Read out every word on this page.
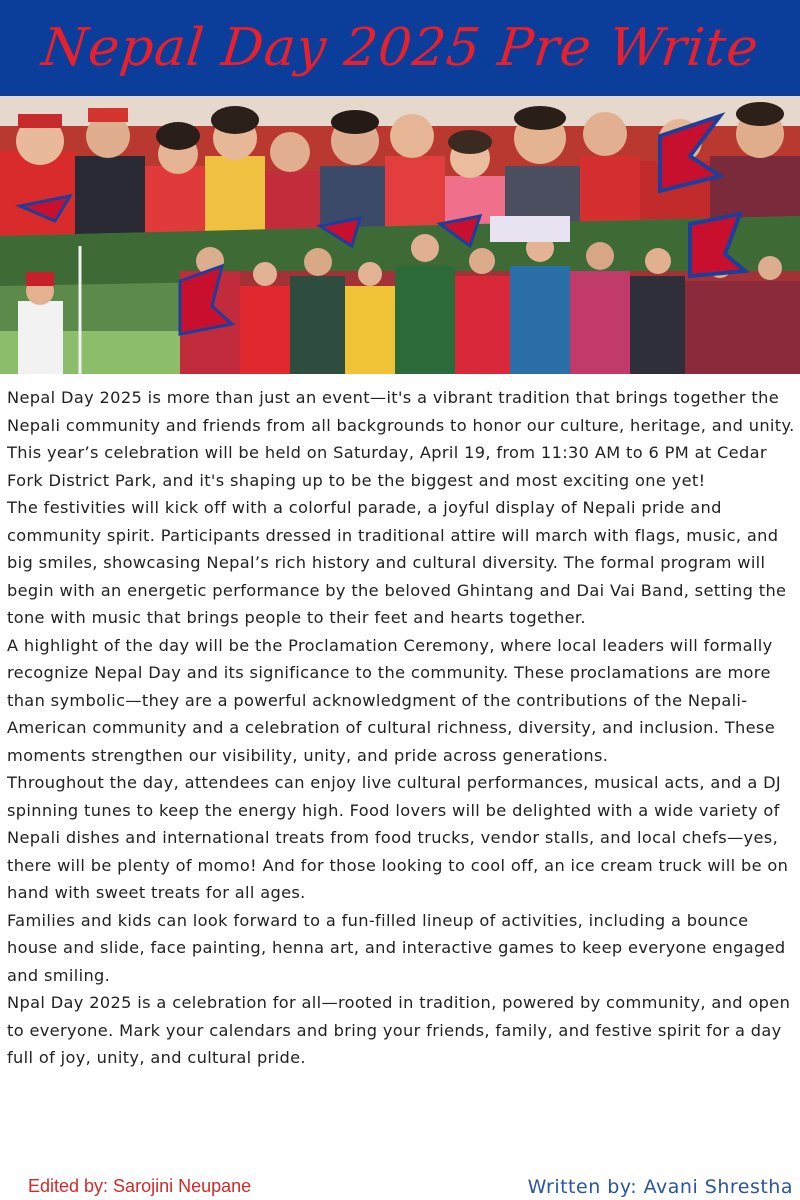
Nepal Day 2025 Pre Write

Nepal Day 2025 is more than just an event—it's a vibrant tradition that brings together the Nepali community and friends from all backgrounds to honor our culture, heritage, and unity. This year’s celebration will be held on Saturday, April 19, from 11:30 AM to 6 PM at Cedar Fork District Park, and it's shaping up to be the biggest and most exciting one yet!

The festivities will kick off with a colorful parade, a joyful display of Nepali pride and community spirit. Participants dressed in traditional attire will march with flags, music, and big smiles, showcasing Nepal’s rich history and cultural diversity. The formal program will begin with an energetic performance by the beloved Ghintang and Dai Vai Band, setting the tone with music that brings people to their feet and hearts together.

A highlight of the day will be the Proclamation Ceremony, where local leaders will formally recognize Nepal Day and its significance to the community. These proclamations are more than symbolic—they are a powerful acknowledgment of the contributions of the Nepali-American community and a celebration of cultural richness, diversity, and inclusion. These moments strengthen our visibility, unity, and pride across generations.

Throughout the day, attendees can enjoy live cultural performances, musical acts, and a DJ spinning tunes to keep the energy high. Food lovers will be delighted with a wide variety of Nepali dishes and international treats from food trucks, vendor stalls, and local chefs—yes, there will be plenty of momo! And for those looking to cool off, an ice cream truck will be on hand with sweet treats for all ages.

Families and kids can look forward to a fun-filled lineup of activities, including a bounce house and slide, face painting, henna art, and interactive games to keep everyone engaged and smiling.

Npal Day 2025 is a celebration for all—rooted in tradition, powered by community, and open to everyone. Mark your calendars and bring your friends, family, and festive spirit for a day full of joy, unity, and cultural pride.

Edited by: Sarojini Neupane	Written by: Avani Shrestha
